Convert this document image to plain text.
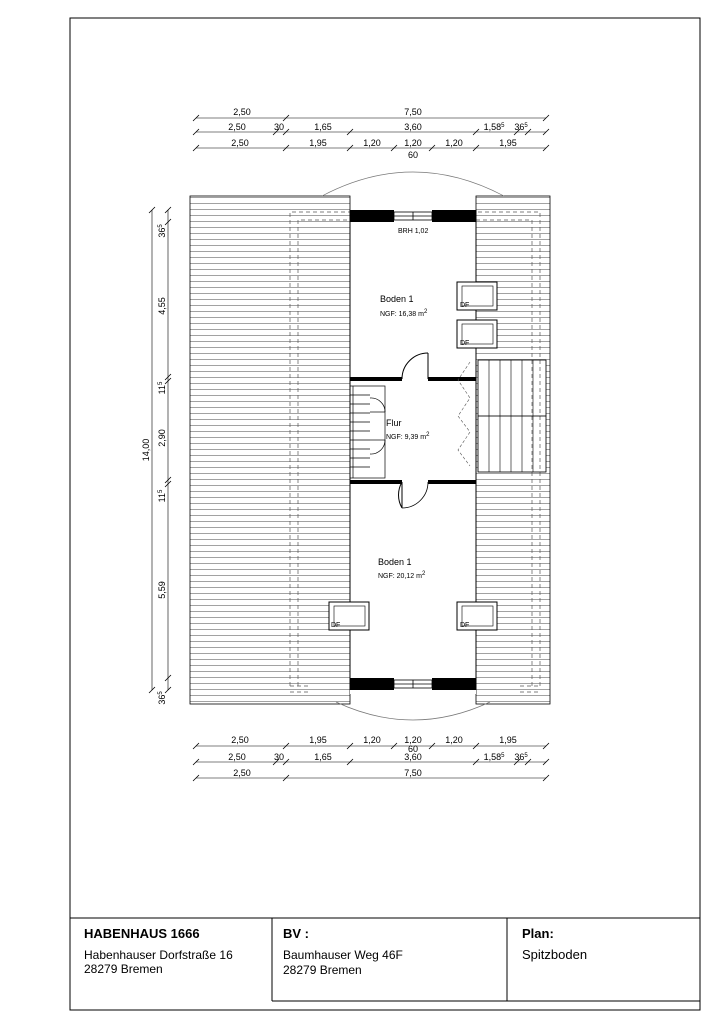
DF
DF
DF	DF
BRH 1,02
Boden 1
NGF: 16,38 m2
Flur
NGF: 9,39 m2
Boden 1
NGF: 20,12 m2
2,50	7,50
2,50	30	1,65	3,60	1,58$^5$ $36^5$
2,50	1,95	1,20	1,20	1,20	1,95
60
2,50	1,95	1,20	1,20	1,20	1,95
60
2,50	30	1,65	3,60	1,58$^5$ $36^5$
2,50	7,50
14,00
$36^5$
4,55
$11^5$
2,90
$11^5$
5,59
$36^5$
HABENHAUS 1666
Habenhauser Dorfstraße 16
28279 Bremen
BV :
Baumhauser Weg 46F
28279 Bremen
Plan:
Spitzboden
